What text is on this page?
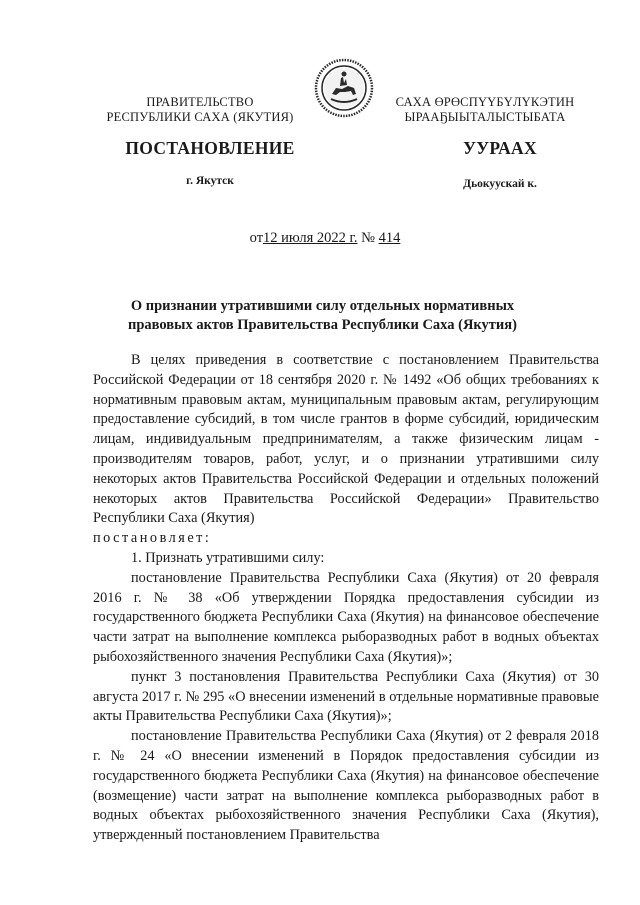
ПРАВИТЕЛЬСТВО
РЕСПУБЛИКИ САХА (ЯКУТИЯ)
САХА ӨРӨСПҮҮБҮЛҮКЭТИН
ЫРААҔЫЫТАЛЫСТЫБАТА
ПОСТАНОВЛЕНИЕ	УУРААХ
г. Якутск	Дьокуускай к.
от12 июля 2022 г. № 414
О признании утратившими силу отдельных нормативных
правовых актов Правительства Республики Саха (Якутия)

В целях приведения в соответствие с постановлением Правительства Российской Федерации от 18 сентября 2020 г. № 1492 «Об общих требованиях к нормативным правовым актам, муниципальным правовым актам, регулирующим предоставление субсидий, в том числе грантов в форме субсидий, юридическим лицам, индивидуальным предпринимателям, а также физическим лицам - производителям товаров, работ, услуг, и о признании утратившими силу некоторых актов Правительства Российской Федерации и отдельных положений некоторых актов Правительства Российской Федерации» Правительство Республики Саха (Якутия)

постановляет:

1. Признать утратившими силу:

постановление Правительства Республики Саха (Якутия) от 20 февраля 2016 г. № 38 «Об утверждении Порядка предоставления субсидии из государственного бюджета Республики Саха (Якутия) на финансовое обеспечение части затрат на выполнение комплекса рыборазводных работ в водных объектах рыбохозяйственного значения Республики Саха (Якутия)»;

пункт 3 постановления Правительства Республики Саха (Якутия) от 30 августа 2017 г. № 295 «О внесении изменений в отдельные нормативные правовые акты Правительства Республики Саха (Якутия)»;

постановление Правительства Республики Саха (Якутия) от 2 февраля 2018 г. № 24 «О внесении изменений в Порядок предоставления субсидии из государственного бюджета Республики Саха (Якутия) на финансовое обеспечение (возмещение) части затрат на выполнение комплекса рыборазводных работ в водных объектах рыбохозяйственного значения Республики Саха (Якутия), утвержденный постановлением Правительства
